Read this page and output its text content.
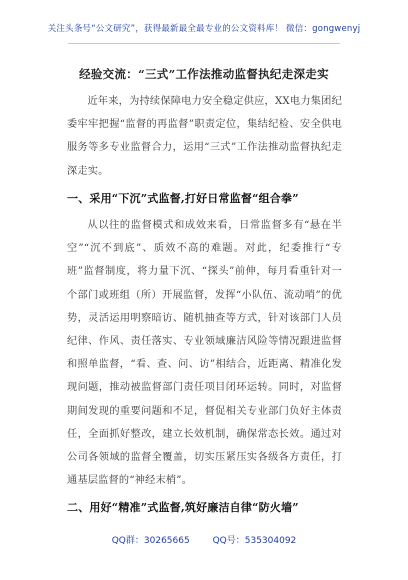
关注头条号“公文研究”，获得最新最全最专业的公文资料库！ 微信：gongwenyj
经验交流：“三式”工作法推动监督执纪走深走实

近年来，为持续保障电力安全稳定供应，XX电力集团纪委牢牢把握“监督的再监督”职责定位，集结纪检、安全供电服务等多专业监督合力，运用“三式”工作法推动监督执纪走深走实。

一、采用“下沉”式监督,打好日常监督“组合拳”

从以往的监督模式和成效来看，日常监督多有“悬在半空”“沉不到底”、质效不高的难题。对此，纪委推行“专班”监督制度，将力量下沉、“探头”前伸，每月看重针对一个部门或班组（所）开展监督，发挥“小队伍、流动哨”的优势，灵活运用明察暗访、随机抽查等方式，针对该部门人员纪律、作风、责任落实、专业领域廉洁风险等情况跟进监督和照单监督，“看、查、问、访”相结合，近距离、精准化发现问题，推动被监督部门责任项目闭环运转。同时，对监督期间发现的重要问题和不足，督促相关专业部门负好主体责任，全面抓好整改，建立长效机制，确保常态长效。通过对公司各领域的监督全覆盖，切实压紧压实各级各方责任，打通基层监督的“神经末梢”。

二、用好“精准”式监督,筑好廉洁自律“防火墙”

QQ群：30265665	QQ号：535304092
